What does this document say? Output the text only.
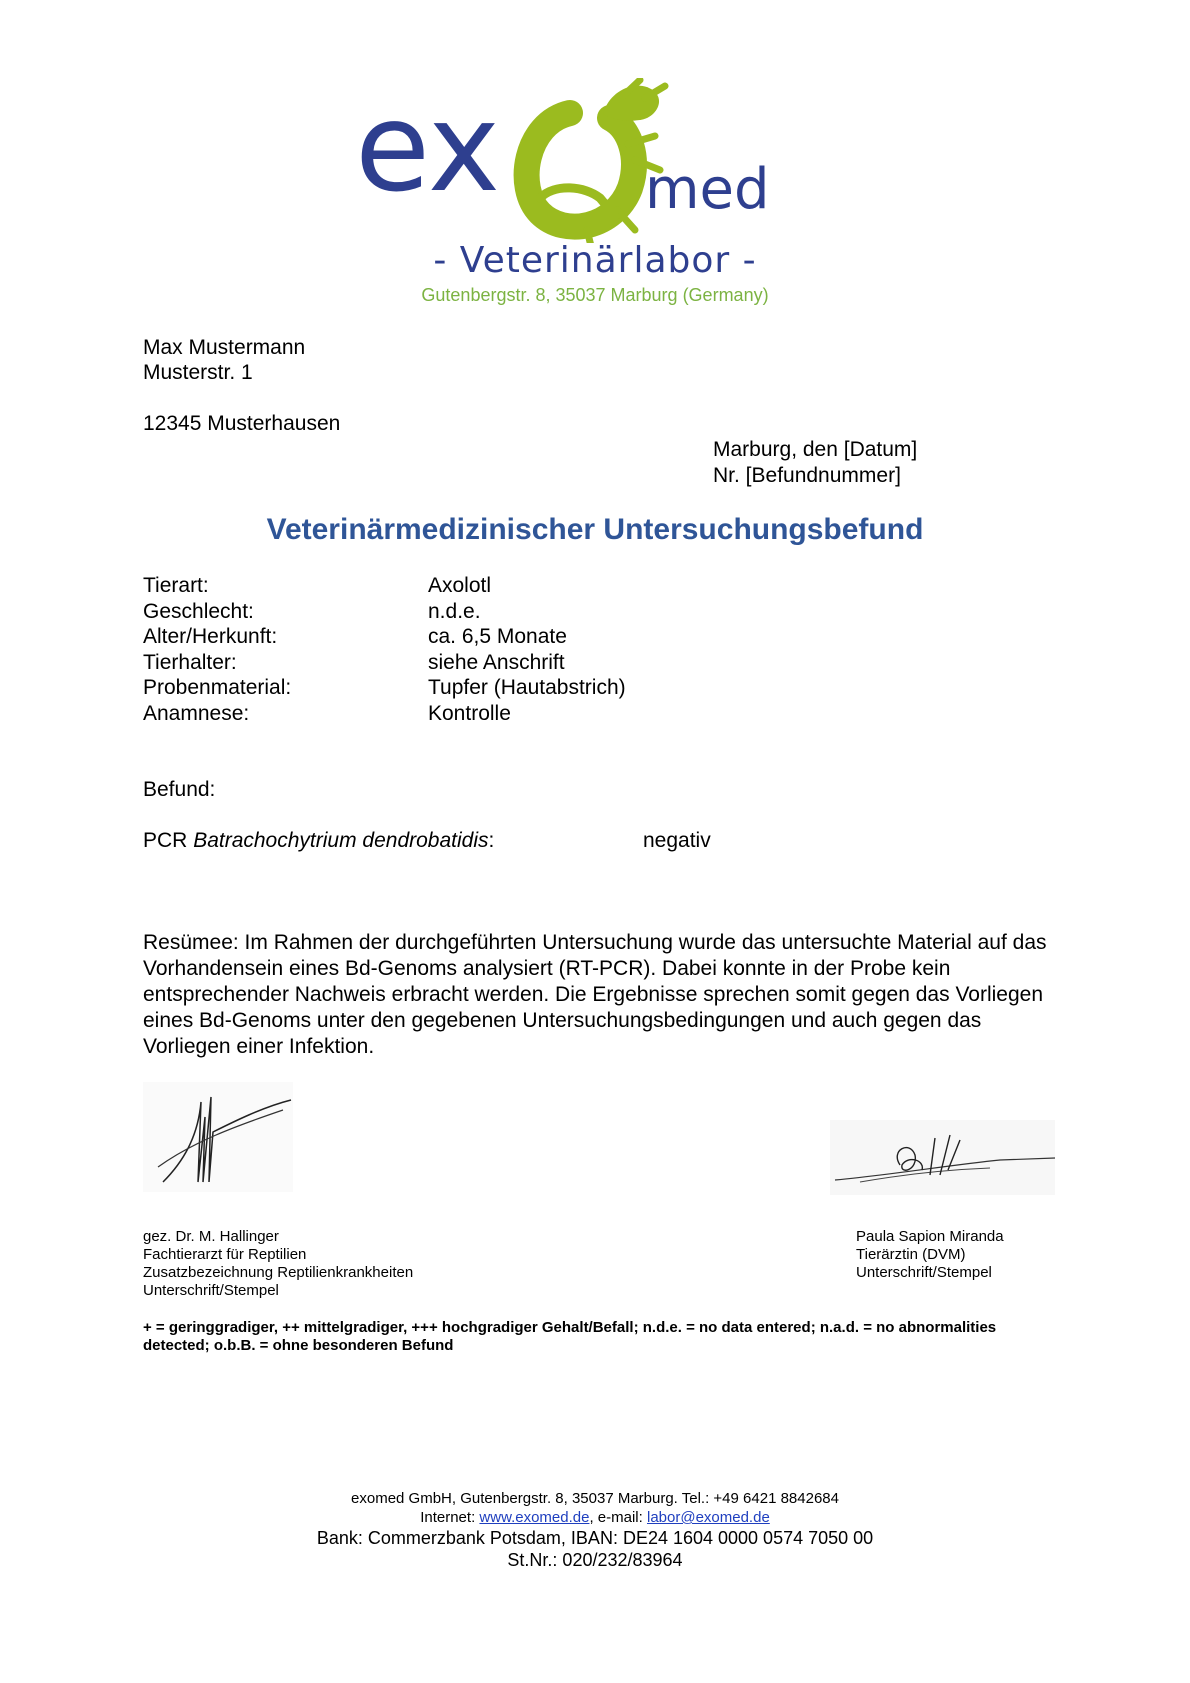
ex	med
- Veterinärlabor -
Gutenbergstr. 8, 35037 Marburg (Germany)
Max Mustermann
Musterstr. 1
12345 Musterhausen
Marburg, den [Datum]
Nr. [Befundnummer]
Veterinärmedizinischer Untersuchungsbefund
Tierart:	Axolotl
Geschlecht:	n.d.e.
Alter/Herkunft:	ca. 6,5 Monate
Tierhalter:	siehe Anschrift
Probenmaterial:	Tupfer (Hautabstrich)
Anamnese:	Kontrolle
Befund:
PCR Batrachochytrium dendrobatidis:	negativ
Resümee: Im Rahmen der durchgeführten Untersuchung wurde das untersuchte Material auf das Vorhandensein eines Bd-Genoms analysiert (RT-PCR). Dabei konnte in der Probe kein entsprechender Nachweis erbracht werden. Die Ergebnisse sprechen somit gegen das Vorliegen eines Bd-Genoms unter den gegebenen Untersuchungsbedingungen und auch gegen das Vorliegen einer Infektion.
gez. Dr. M. Hallinger
Fachtierarzt für Reptilien
Zusatzbezeichnung Reptilienkrankheiten
Unterschrift/Stempel
Paula Sapion Miranda
Tierärztin (DVM)
Unterschrift/Stempel
+ = geringgradiger, ++ mittelgradiger, +++ hochgradiger Gehalt/Befall; n.d.e. = no data entered; n.a.d. = no abnormalities detected; o.b.B. = ohne besonderen Befund
exomed GmbH, Gutenbergstr. 8, 35037 Marburg. Tel.: +49 6421 8842684
Internet: www.exomed.de, e-mail: labor@exomed.de
Bank: Commerzbank Potsdam, IBAN: DE24 1604 0000 0574 7050 00
St.Nr.: 020/232/83964
